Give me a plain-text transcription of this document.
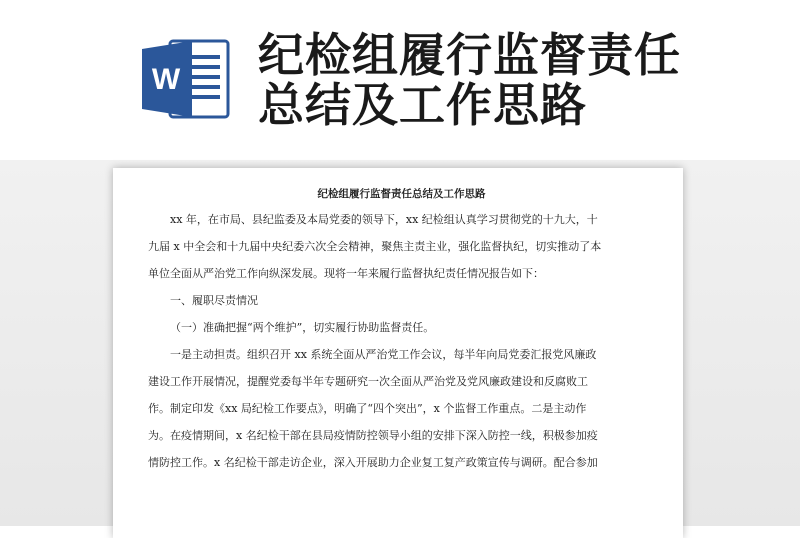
W 纪检组履行监督责任
总结及工作思路
纪检组履行监督责任总结及工作思路

xx 年，在市局、县纪监委及本局党委的领导下，xx 纪检组认真学习贯彻党的十九大，十

九届 x 中全会和十九届中央纪委六次全会精神，聚焦主责主业，强化监督执纪，切实推动了本

单位全面从严治党工作向纵深发展。现将一年来履行监督执纪责任情况报告如下：

一、履职尽责情况

（一）准确把握“两个维护”，切实履行协助监督责任。

一是主动担责。组织召开 xx 系统全面从严治党工作会议，每半年向局党委汇报党风廉政

建设工作开展情况，提醒党委每半年专题研究一次全面从严治党及党风廉政建设和反腐败工

作。制定印发《xx 局纪检工作要点》，明确了“四个突出”，x 个监督工作重点。二是主动作

为。在疫情期间，x 名纪检干部在县局疫情防控领导小组的安排下深入防控一线，积极参加疫

情防控工作。x 名纪检干部走访企业，深入开展助力企业复工复产政策宣传与调研。配合参加
